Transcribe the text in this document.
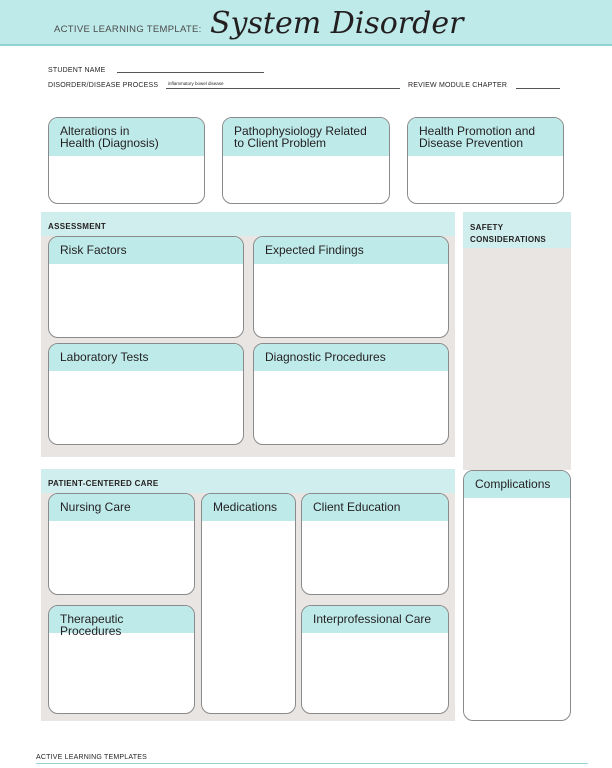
ACTIVE LEARNING TEMPLATE: System Disorder
STUDENT NAME
DISORDER/DISEASE PROCESS inflammatory bowel disease	REVIEW MODULE CHAPTER
Alterations in
Health (Diagnosis)
Pathophysiology Related
to Client Problem
Health Promotion and
Disease Prevention
ASSESSMENT
Risk Factors	Expected Findings
Laboratory Tests	Diagnostic Procedures
SAFETY
CONSIDERATIONS
Complications
PATIENT-CENTERED CARE
Nursing Care	Medications	Client Education
Therapeutic Procedures
Interprofessional Care
ACTIVE LEARNING TEMPLATES
